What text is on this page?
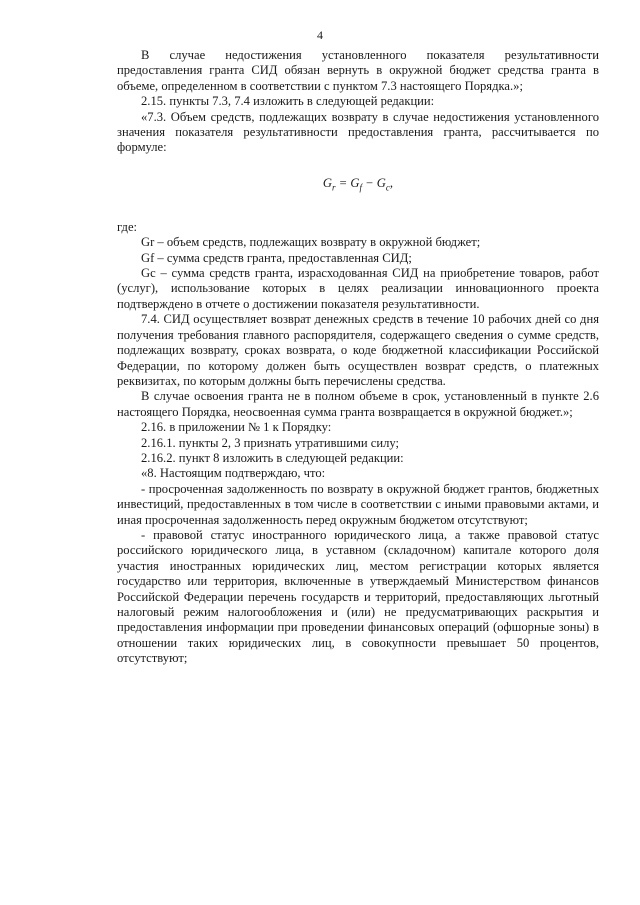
4

В случае недостижения установленного показателя результативности предоставления гранта СИД обязан вернуть в окружной бюджет средства гранта в объеме, определенном в соответствии с пунктом 7.3 настоящего Порядка.»;

2.15. пункты 7.3, 7.4 изложить в следующей редакции:

«7.3. Объем средств, подлежащих возврату в случае недостижения установленного значения показателя результативности предоставления гранта, рассчитывается по формуле:

$G_r = G_f - G_c$,

где:

Gr – объем средств, подлежащих возврату в окружной бюджет;

Gf – сумма средств гранта, предоставленная СИД;

Gc – сумма средств гранта, израсходованная СИД на приобретение товаров, работ (услуг), использование которых в целях реализации инновационного проекта подтверждено в отчете о достижении показателя результативности.

7.4. СИД осуществляет возврат денежных средств в течение 10 рабочих дней со дня получения требования главного распорядителя, содержащего сведения о сумме средств, подлежащих возврату, сроках возврата, о коде бюджетной классификации Российской Федерации, по которому должен быть осуществлен возврат средств, о платежных реквизитах, по которым должны быть перечислены средства.

В случае освоения гранта не в полном объеме в срок, установленный в пункте 2.6 настоящего Порядка, неосвоенная сумма гранта возвращается в окружной бюджет.»;

2.16. в приложении № 1 к Порядку:

2.16.1. пункты 2, 3 признать утратившими силу;

2.16.2. пункт 8 изложить в следующей редакции:

«8. Настоящим подтверждаю, что:

- просроченная задолженность по возврату в окружной бюджет грантов, бюджетных инвестиций, предоставленных в том числе в соответствии с иными правовыми актами, и иная просроченная задолженность перед окружным бюджетом отсутствуют;

- правовой статус иностранного юридического лица, а также правовой статус российского юридического лица, в уставном (складочном) капитале которого доля участия иностранных юридических лиц, местом регистрации которых является государство или территория, включенные в утверждаемый Министерством финансов Российской Федерации перечень государств и территорий, предоставляющих льготный налоговый режим налогообложения и (или) не предусматривающих раскрытия и предоставления информации при проведении финансовых операций (офшорные зоны) в отношении таких юридических лиц, в совокупности превышает 50 процентов, отсутствуют;
